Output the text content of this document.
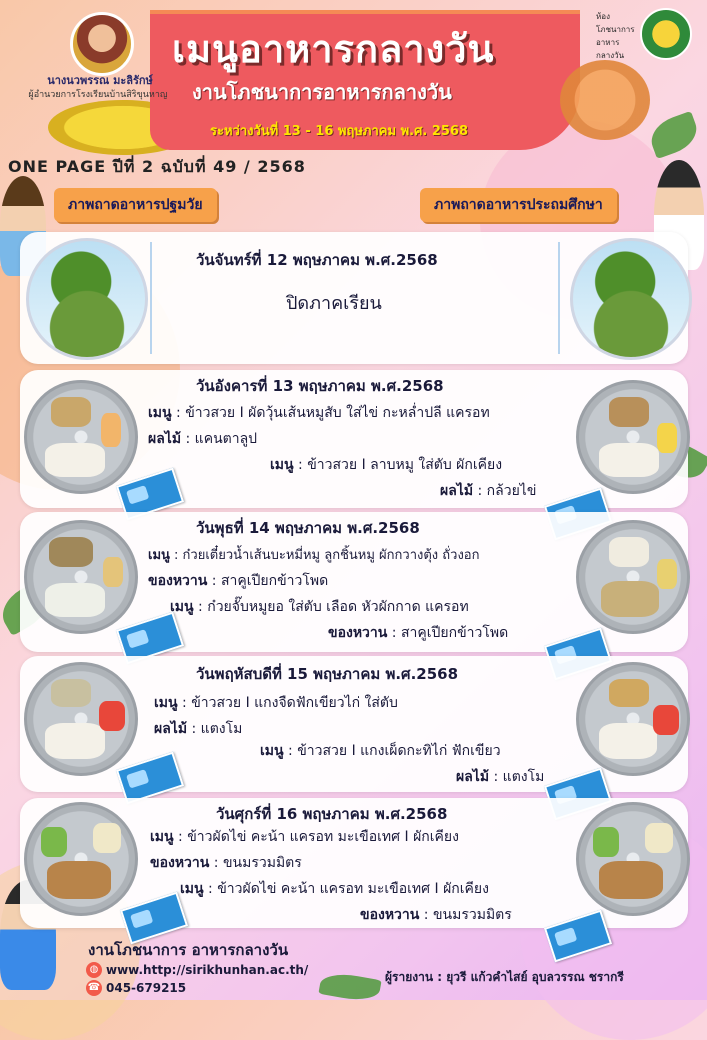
นางนวพรรณ มะลิรักษ์
ผู้อำนวยการโรงเรียนบ้านสิริขุนหาญ
เมนูอาหารกลางวัน
งานโภชนาการอาหารกลางวัน
ระหว่างวันที่ 13 - 16 พฤษภาคม พ.ศ. 2568
ห้องโภชนาการ อาหารกลางวัน
ONE PAGE ปีที่ 2 ฉบับที่ 49 / 2568
ภาพถาดอาหารปฐมวัย	ภาพถาดอาหารประถมศึกษา
วันจันทร์ที่ 12 พฤษภาคม พ.ศ.2568
ปิดภาคเรียน
วันอังคารที่ 13 พฤษภาคม พ.ศ.2568
เมนู : ข้าวสวย I ผัดวุ้นเส้นหมูสับ ใส่ไข่ กะหล่ำปลี แครอท
ผลไม้ : แคนตาลูป
เมนู : ข้าวสวย I ลาบหมู ใส่ตับ ผักเคียง
ผลไม้ : กล้วยไข่
วันพุธที่ 14 พฤษภาคม พ.ศ.2568
เมนู : ก๋วยเตี๋ยวน้ำเส้นบะหมี่หมู ลูกชิ้นหมู ผักกวางตุ้ง ถั่วงอก
ของหวาน : สาคูเปียกข้าวโพด
เมนู : ก๋วยจั๊บหมูยอ ใส่ตับ เลือด หัวผักกาด แครอท
ของหวาน : สาคูเปียกข้าวโพด
วันพฤหัสบดีที่ 15 พฤษภาคม พ.ศ.2568
เมนู : ข้าวสวย I แกงจืดฟักเขียวไก่ ใส่ตับ
ผลไม้ : แตงโม
เมนู : ข้าวสวย I แกงเผ็ดกะทิไก่ ฟักเขียว
ผลไม้ : แตงโม
วันศุกร์ที่ 16 พฤษภาคม พ.ศ.2568
เมนู : ข้าวผัดไข่ คะน้า แครอท มะเขือเทศ I ผักเคียง
ของหวาน : ขนมรวมมิตร
เมนู : ข้าวผัดไข่ คะน้า แครอท มะเขือเทศ I ผักเคียง
ของหวาน : ขนมรวมมิตร
งานโภชนาการ อาหารกลางวัน
◍ www.http://sirikhunhan.ac.th/
☎ 045-679215
ผู้รายงาน : ยุวรี แก้วคำไสย์ อุบลวรรณ ชรากรี
